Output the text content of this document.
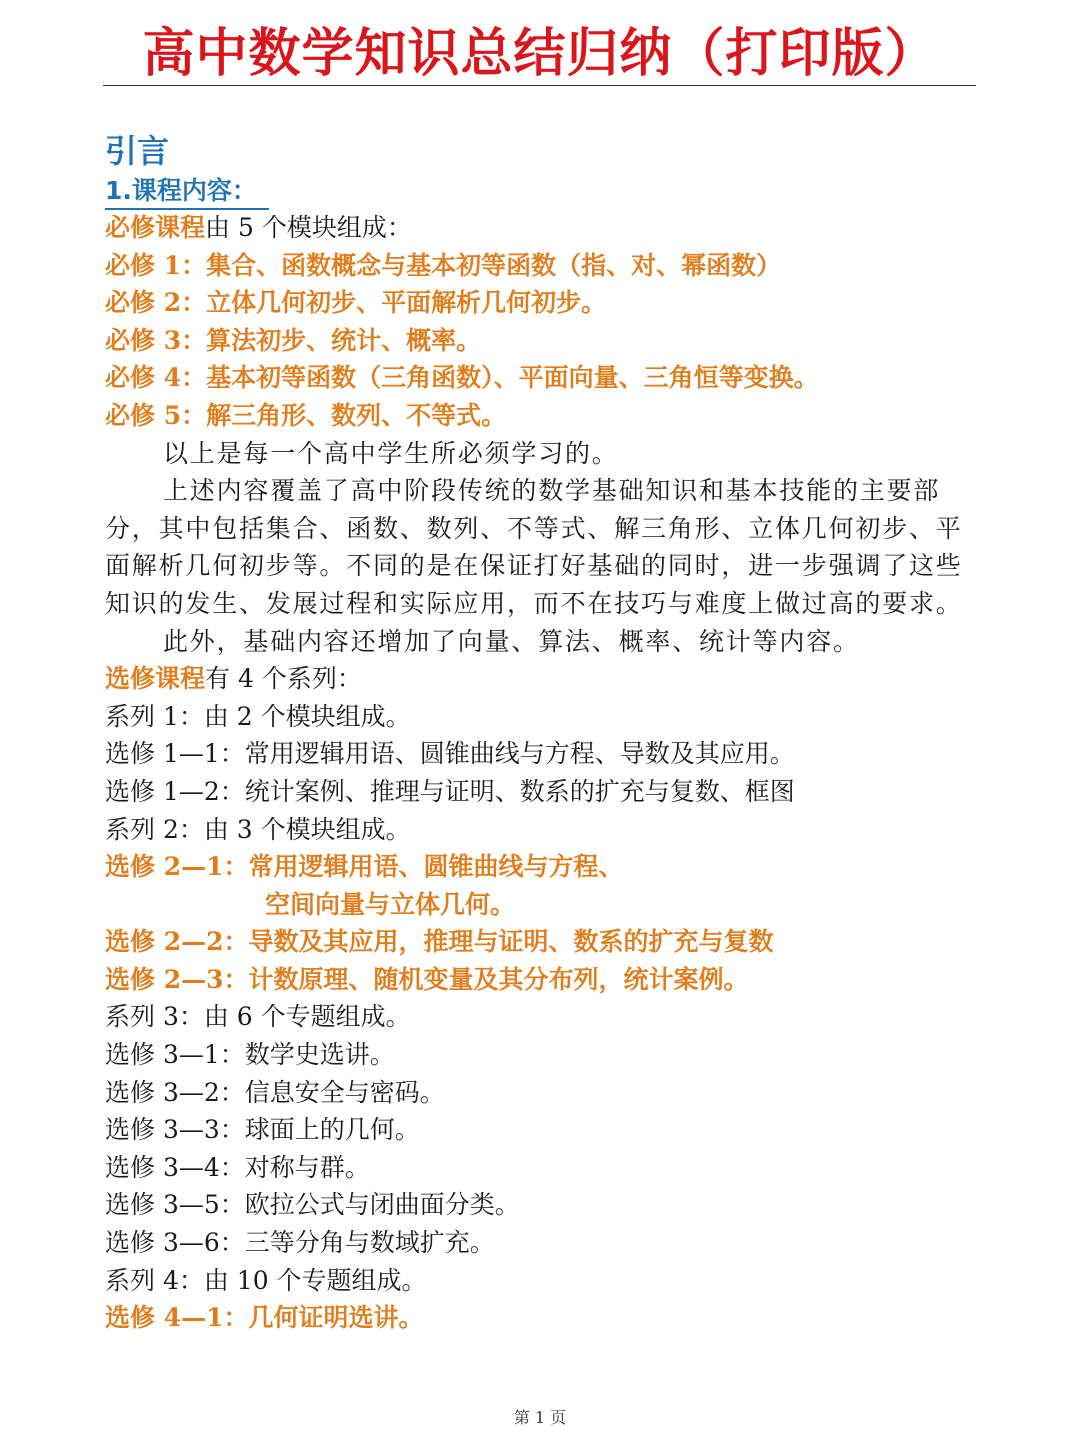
高中数学知识总结归纳（打印版）
引言
1.课程内容：

必修课程由 5 个模块组成：

必修 1：集合、函数概念与基本初等函数（指、对、幂函数）

必修 2：立体几何初步、平面解析几何初步。

必修 3：算法初步、统计、概率。

必修 4：基本初等函数（三角函数）、平面向量、三角恒等变换。

必修 5：解三角形、数列、不等式。

以上是每一个高中学生所必须学习的。

上述内容覆盖了高中阶段传统的数学基础知识和基本技能的主要部分，其中包括集合、函数、数列、不等式、解三角形、立体几何初步、平面解析几何初步等。不同的是在保证打好基础的同时，进一步强调了这些知识的发生、发展过程和实际应用，而不在技巧与难度上做过高的要求。

此外，基础内容还增加了向量、算法、概率、统计等内容。

选修课程有 4 个系列：

系列 1：由 2 个模块组成。

选修 1—1：常用逻辑用语、圆锥曲线与方程、导数及其应用。

选修 1—2：统计案例、推理与证明、数系的扩充与复数、框图

系列 2：由 3 个模块组成。

选修 2—1：常用逻辑用语、圆锥曲线与方程、

空间向量与立体几何。

选修 2—2：导数及其应用，推理与证明、数系的扩充与复数

选修 2—3：计数原理、随机变量及其分布列，统计案例。

系列 3：由 6 个专题组成。

选修 3—1：数学史选讲。

选修 3—2：信息安全与密码。

选修 3—3：球面上的几何。

选修 3—4：对称与群。

选修 3—5：欧拉公式与闭曲面分类。

选修 3—6：三等分角与数域扩充。

系列 4：由 10 个专题组成。

选修 4—1：几何证明选讲。

第 1 页
